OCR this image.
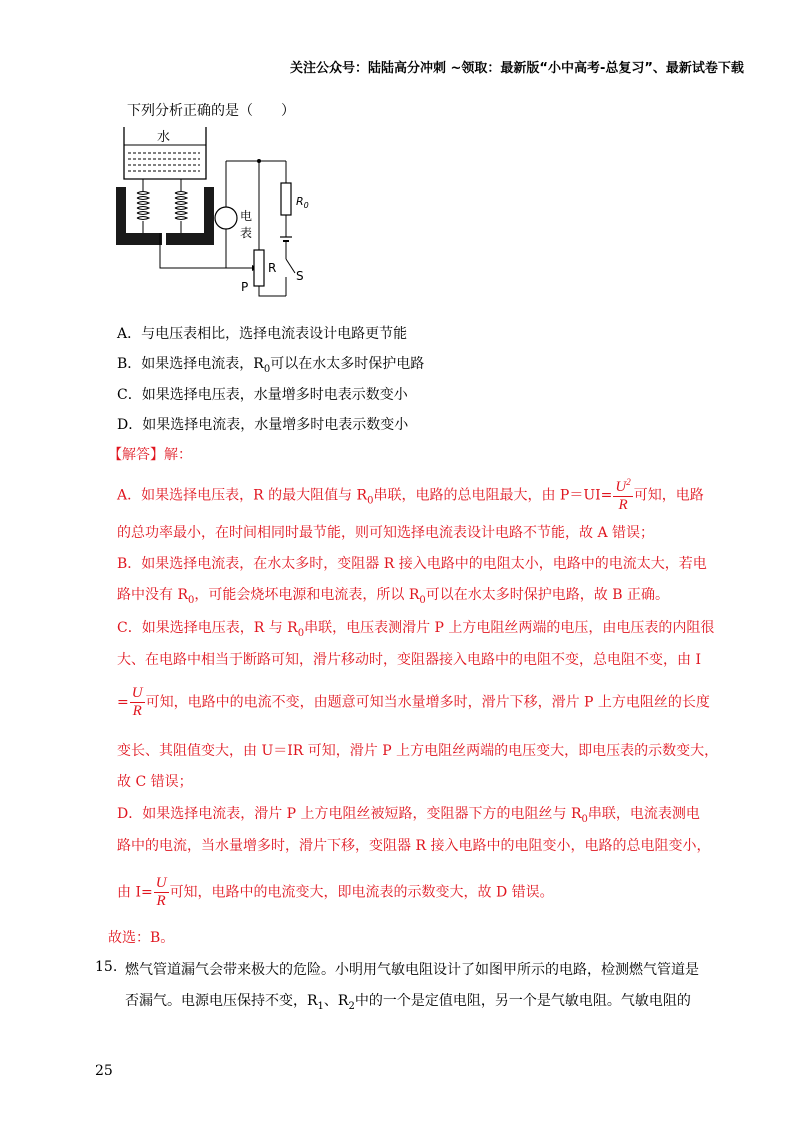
关注公众号：陆陆高分冲刺 ~领取：最新版“小中高考-总复习”、最新试卷下载
下列分析正确的是（　　）
水
电
表
R
P
$R_0$
S
A．与电压表相比，选择电流表设计电路更节能
B．如果选择电流表，$R_0$可以在水太多时保护电路
C．如果选择电压表，水量增多时电表示数变小
D．如果选择电流表，水量增多时电表示数变小
【解答】解：
A．如果选择电压表，R 的最大阻值与 $R_0$串联，电路的总电阻最大，由 $P=UI= \frac{U^2}{R}$ 可知，电路
的总功率最小，在时间相同时最节能，则可知选择电流表设计电路不节能，故 A 错误；
B．如果选择电流表，在水太多时，变阻器 R 接入电路中的电阻太小，电路中的电流太大，若电
路中没有 $R_0$，可能会烧坏电源和电流表，所以 $R_0$可以在水太多时保护电路，故 B 正确。
C．如果选择电压表，R 与 $R_0$串联，电压表测滑片 P 上方电阻丝两端的电压，由电压表的内阻很
大、在电路中相当于断路可知，滑片移动时，变阻器接入电路中的电阻不变，总电阻不变，由 I
= $\frac{U}{R}$ 可知，电路中的电流不变，由题意可知当水量增多时，滑片下移，滑片 P 上方电阻丝的长度
变长、其阻值变大，由 U＝IR 可知，滑片 P 上方电阻丝两端的电压变大，即电压表的示数变大，
故 C 错误；
D．如果选择电流表，滑片 P 上方电阻丝被短路，变阻器下方的电阻丝与 $R_0$串联，电流表测电
路中的电流，当水量增多时，滑片下移，变阻器 R 接入电路中的电阻变小，电路的总电阻变小，
由 $I= \frac{U}{R}$ 可知，电路中的电流变大，即电流表的示数变大，故 D 错误。
故选：B。
15. 燃气管道漏气会带来极大的危险。小明用气敏电阻设计了如图甲所示的电路，检测燃气管道是
否漏气。电源电压保持不变，$R_1$、$R_2$中的一个是定值电阻，另一个是气敏电阻。气敏电阻的
25
